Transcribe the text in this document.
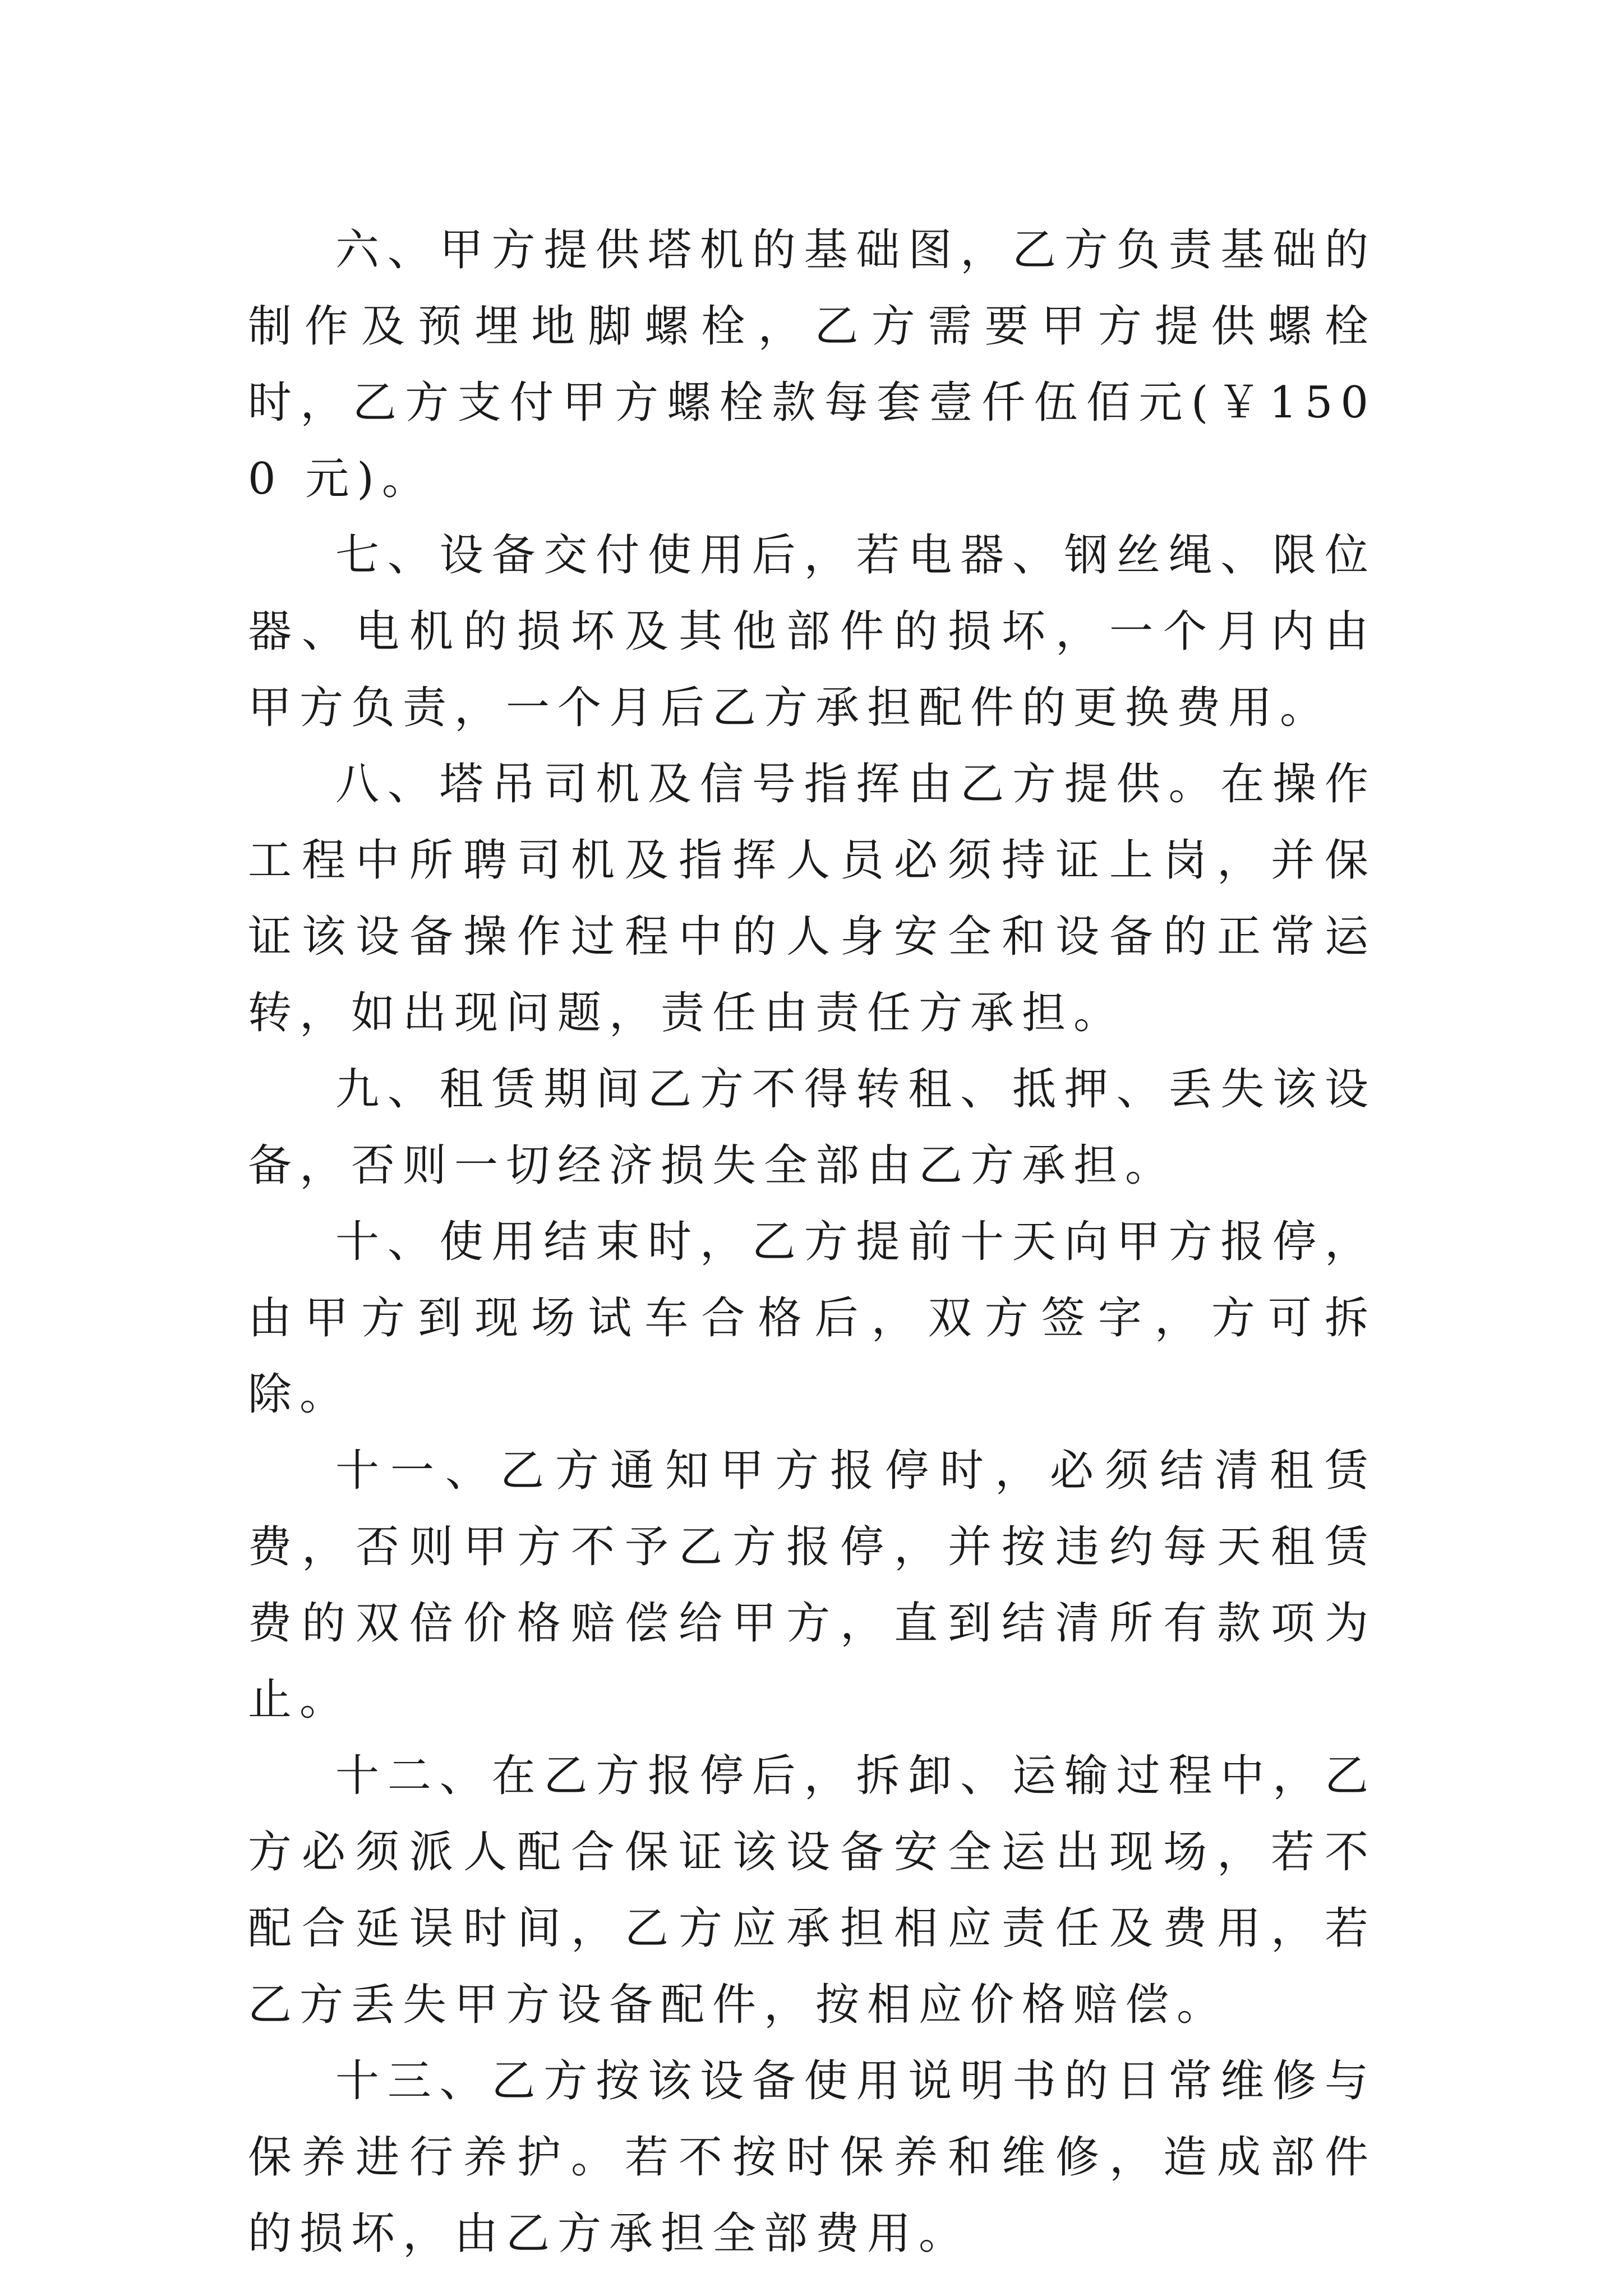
六、甲方提供塔机的基础图，乙方负责基础的制作及预埋地脚螺栓，乙方需要甲方提供螺栓时，乙方支付甲方螺栓款每套壹仟伍佰元(￥1500 元)。

七、设备交付使用后，若电器、钢丝绳、限位器、电机的损坏及其他部件的损坏，一个月内由甲方负责，一个月后乙方承担配件的更换费用。

八、塔吊司机及信号指挥由乙方提供。在操作工程中所聘司机及指挥人员必须持证上岗，并保证该设备操作过程中的人身安全和设备的正常运转，如出现问题，责任由责任方承担。

九、租赁期间乙方不得转租、抵押、丢失该设备，否则一切经济损失全部由乙方承担。

十、使用结束时，乙方提前十天向甲方报停，由甲方到现场试车合格后，双方签字，方可拆除。

十一、乙方通知甲方报停时，必须结清租赁费，否则甲方不予乙方报停，并按违约每天租赁费的双倍价格赔偿给甲方，直到结清所有款项为止。

十二、在乙方报停后，拆卸、运输过程中，乙方必须派人配合保证该设备安全运出现场，若不配合延误时间，乙方应承担相应责任及费用，若乙方丢失甲方设备配件，按相应价格赔偿。

十三、乙方按该设备使用说明书的日常维修与保养进行养护。若不按时保养和维修，造成部件的损坏，由乙方承担全部费用。
